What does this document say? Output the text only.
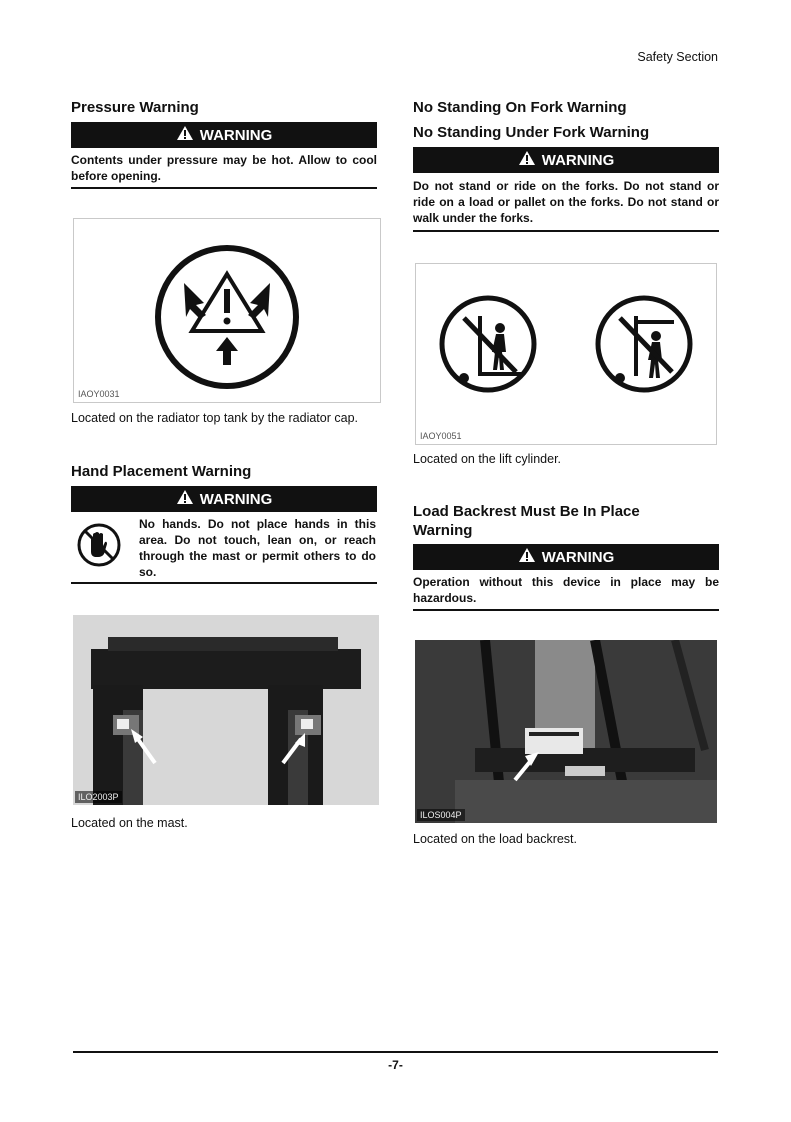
Safety Section
Pressure Warning
WARNING
Contents under pressure may be hot. Allow to cool before opening.
IAOY0031
Located on the radiator top tank by the radiator cap.
Hand Placement Warning
WARNING
No hands. Do not place hands in this area. Do not touch, lean on, or reach through the mast or permit others to do so.
ILO2003P
Located on the mast.
No Standing On Fork Warning
No Standing Under Fork Warning
WARNING
Do not stand or ride on the forks. Do not stand or ride on a load or pallet on the forks. Do not stand or walk under the forks.
IAOY0051
Located on the lift cylinder.
Load Backrest Must Be In Place Warning
WARNING
Operation without this device in place may be hazardous.
ILOS004P
Located on the load backrest.
-7-
